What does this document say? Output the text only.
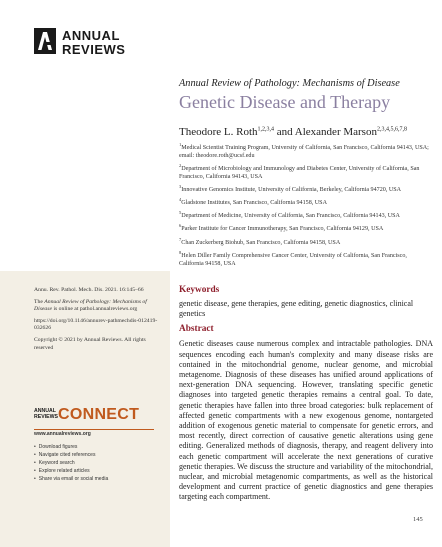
ANNUAL
REVIEWS
Annual Review of Pathology: Mechanisms of Disease
Genetic Disease and Therapy
Theodore L. Roth$^{1,2,3,4}$ and Alexander Marson$^{2,3,4,5,6,7,8}$
$^1$Medical Scientist Training Program, University of California, San Francisco, California 94143, USA; email: theodore.roth@ucsf.edu
$^2$Department of Microbiology and Immunology and Diabetes Center, University of California, San Francisco, California 94143, USA
$^3$Innovative Genomics Institute, University of California, Berkeley, California 94720, USA
$^4$Gladstone Institutes, San Francisco, California 94158, USA
$^5$Department of Medicine, University of California, San Francisco, California 94143, USA
$^6$Parker Institute for Cancer Immunotherapy, San Francisco, California 94129, USA
$^7$Chan Zuckerberg Biohub, San Francisco, California 94158, USA
$^8$Helen Diller Family Comprehensive Cancer Center, University of California, San Francisco, California 94158, USA

Annu. Rev. Pathol. Mech. Dis. 2021. 16:145–66

The Annual Review of Pathology: Mechanisms of Disease is online at pathol.annualreviews.org

https://doi.org/10.1146/annurev-pathmechdis-012419-032626

Copyright © 2021 by Annual Reviews. All rights reserved

ANNUAL
REVIEWS CONNECT
www.annualreviews.org
• Download figures
• Navigate cited references
• Keyword search
• Explore related articles
• Share via email or social media
Keywords

genetic disease, gene therapies, gene editing, genetic diagnostics, clinical genetics

Abstract

Genetic diseases cause numerous complex and intractable pathologies. DNA sequences encoding each human's complexity and many disease risks are contained in the mitochondrial genome, nuclear genome, and microbial metagenome. Diagnosis of these diseases has unified around applications of next-generation DNA sequencing. However, translating specific genetic diagnoses into targeted genetic therapies remains a central goal. To date, genetic therapies have fallen into three broad categories: bulk replacement of affected genetic compartments with a new exogenous genome, nontargeted addition of exogenous genetic material to compensate for genetic errors, and most recently, direct correction of causative genetic alterations using gene editing. Generalized methods of diagnosis, therapy, and reagent delivery into each genetic compartment will accelerate the next generations of curative genetic therapies. We discuss the structure and variability of the mitochondrial, nuclear, and microbial metagenomic compartments, as well as the historical development and current practice of genetic diagnostics and gene therapies targeting each compartment.

145
